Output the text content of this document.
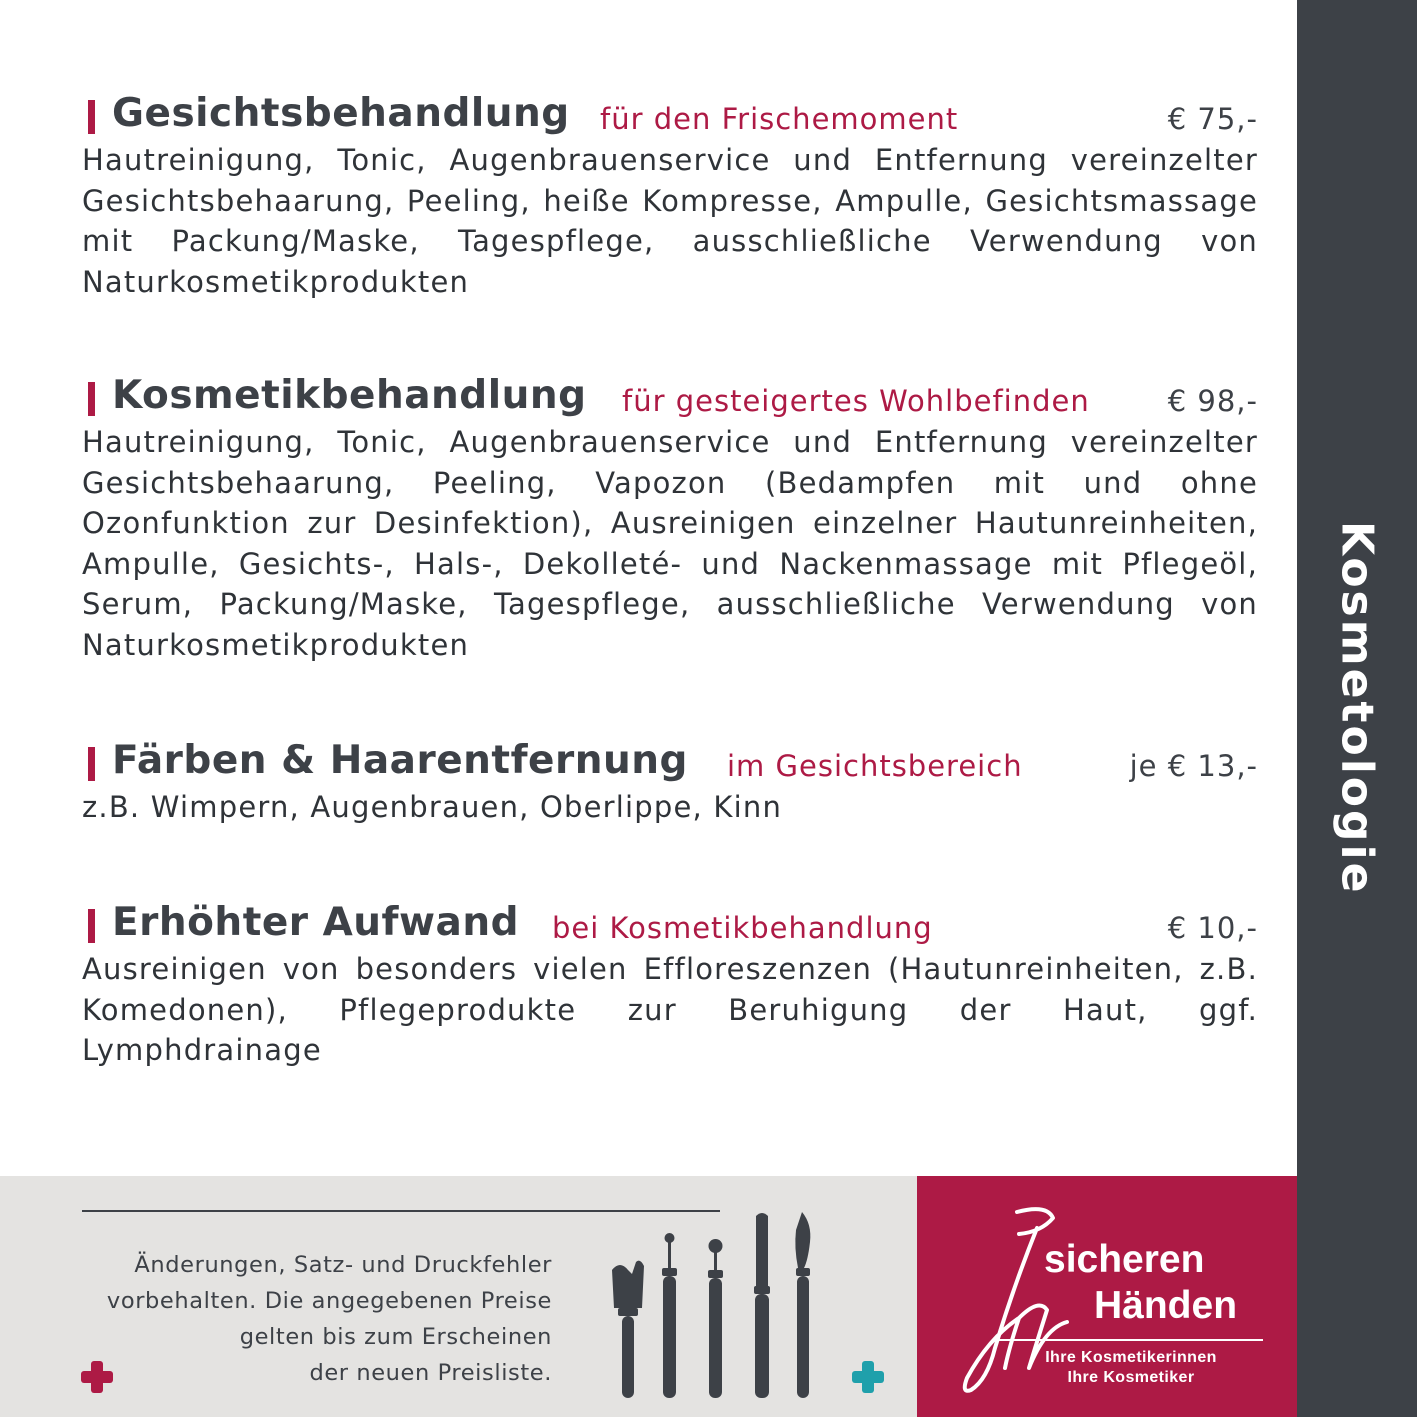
Kosmetologie
Gesichtsbehandlung für den Frischemoment	€ 75,-

Hautreinigung, Tonic, Augenbrauenservice und Entfernung vereinzelter Gesichtsbehaarung, Peeling, heiße Kompresse, Ampulle, Gesichtsmassage mit Packung/Maske, Tagespflege, ausschließliche Verwendung von Naturkosmetikprodukten

Kosmetikbehandlung für gesteigertes Wohlbefinden	€ 98,-

Hautreinigung, Tonic, Augenbrauenservice und Entfernung vereinzelter Gesichtsbehaarung, Peeling, Vapozon (Bedampfen mit und ohne Ozonfunktion zur Desinfektion), Ausreinigen einzelner Hautunreinheiten, Ampulle, Gesichts-, Hals-, Dekolleté- und Nackenmassage mit Pflegeöl, Serum, Packung/Maske, Tagespflege, ausschließliche Verwendung von Naturkosmetikprodukten

Färben & Haarentfernung im Gesichtsbereich	je € 13,-

z.B. Wimpern, Augenbrauen, Oberlippe, Kinn

Erhöhter Aufwand bei Kosmetikbehandlung	€ 10,-

Ausreinigen von besonders vielen Effloreszenzen (Hautunreinheiten, z.B. Komedonen), Pflegeprodukte zur Beruhigung der Haut, ggf. Lymphdrainage

Änderungen, Satz- und Druckfehler
vorbehalten. Die angegebenen Preise
gelten bis zum Erscheinen
der neuen Preisliste.
sicheren
Händen
Ihre Kosmetikerinnen
Ihre Kosmetiker
